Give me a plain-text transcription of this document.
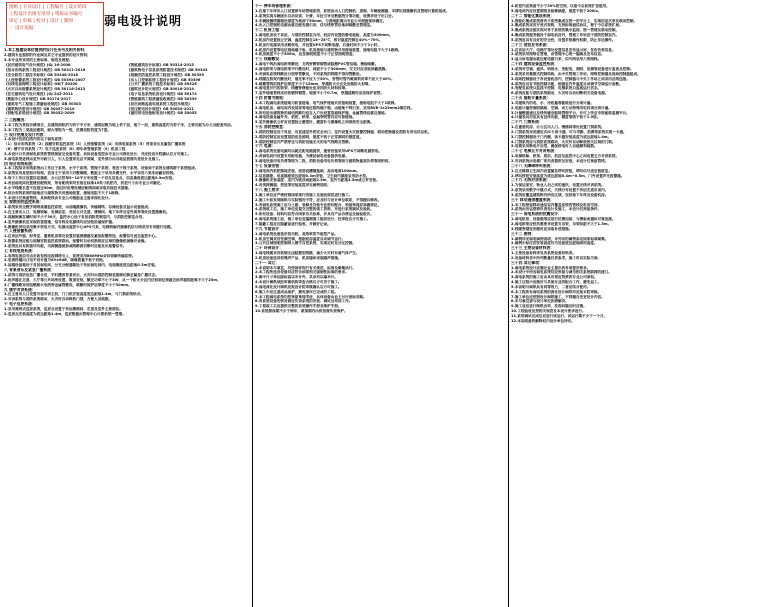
图纸 | 专业设计 | 工程编号 | 设计阶段
工程设计出图专用章 | 资质证书编号
审定 | 审核 | 校对 | 设计 | 制图
一 设计依据：
弱电设计说明
1.本工程建设单位提供的设计任务书及相关资料；
2.建筑专业提供的作业图及其它专业提供的设计资料；
3.本专业所采用的主要标准、规范及规程；
《民用建筑电气设计规范》JGJ 16-2008	《智能建筑设计标准》GB 50314-2015
《综合布线系统工程设计规范》GB 50311-2016	《建筑物电子信息系统防雷技术规范》GB 50343
《安全防范工程技术标准》GB 50348-2018	《视频安防监控系统工程设计规范》GB 50395
《入侵报警系统工程设计规范》GB 50394-2007	《出入口控制系统工程设计规范》GB 50396
《有线电视网络工程设计标准》GB/T 50200	《公共广播系统工程技术标准》GB 50526
《火灾自动报警系统设计规范》GB 50116-2013	《建筑设计防火规范》GB 50016-2014
《住宅建筑电气设计规范》JGJ 242-2011	《电子信息系统机房设计规范》GB 50174
《数据中心设计规范》GB 50174-2017	《智能建筑工程质量验收规范》GB 50339
《建筑电气工程施工质量验收规范》GB 50303	《民用闭路监视电视系统工程技术规范》
《建筑物防雷设计规范》GB 50057-2010	《低压配电设计规范》GB 50054-2011
《供配电系统设计规范》GB 50052-2009	《通用用电设备配电设计规范》GB 50055
二 工程概况：
1.本工程为某综合楼项目，总建筑面积约为若干平方米，建筑层数为地上若干层，地下一层，建筑高度约为若干米，主要功能为办公及配套用房。
2.本工程为二类高层建筑，耐火等级为一级，抗震设防烈度为7度。
三 设计范围及设计内容：
1.本设计包括红线内的以下弱电系统：
（1）综合布线系统（2）视频安防监控系统（3）入侵报警系统（4）有线电视系统（5）背景音乐及紧急广播系统
（6）楼宇对讲系统（7）电子巡更系统（8）停车场管理系统（9）机房工程
2.本设计只负责弱电系统的管线预留及设备布置，具体设备选型由专业公司深化设计，并应经设计院确认后方可施工。
3.弱电系统进线由室外市政引入，引入位置详见总平面图，室外部分由当地运营商负责设计及施工。
四 综合布线系统：
1.本工程综合布线系统由工作区子系统、水平子系统、管理子系统、垂直干线子系统、设备间子系统及建筑群子系统组成。
2.系统采用星型拓扑结构，语音主干采用大对数铜缆，数据主干采用多模光纤，水平采用六类非屏蔽双绞线。
3.每个工作区设置信息插座，办公区按每5~10平方米设置一个双孔信息点，信息插座底边距地0.3m安装。
4.各层弱电间设置楼层配线架，所有配线架均安装在标准19英寸机柜内，机柜尺寸由专业公司确定。
5.水平线缆长度不应超过90m，超过时应增设楼层配线间或采取其他技术措施。
6.综合布线系统的接地应与建筑物共用接地装置，接地电阻不大于1欧姆。
7.本设计仅预留管线，具体配线由专业公司根据业主需求深化设计。
五 视频安防监控系统：
1.系统采用全数字网络高清监控系统，由前端摄像机、传输网络、存储设备及显示设备组成。
2.在主要出入口、电梯轿厢、电梯前室、各层公共走道、楼梯间、地下车库及室外周界等处设置摄像机。
3.视频图像存储时间不小于30天，监控中心设于首层消防控制室内，与消防控制室合用。
4.室外摄像机应采取防雷措施，信号线及电源线均应加装浪涌保护器。
5.摄像机供电采用集中供电方式，电源由监控中心UPS引来，电梯轿厢内摄像机信号线采用专用随行电缆。
六 入侵报警系统：
1.在首层外窗、财务室、重要机房等处设置双鉴探测器及紧急报警按钮，报警信号送至监控中心。
2.报警系统应能与视频安防监控系统联动，报警时自动切换相应区域的摄像机图像并录像。
3.系统应具有防破坏功能，当探测器被拆或线路被切断时应能发出报警信号。
七 有线电视系统：
1.有线电视信号由市政有线电视网络引入，系统采用860MHz双向邻频传输系统。
2.电视终端出口电平设计值为69±6dB，图像质量不低于四级。
3.前端设备箱设于首层弱电间，分支分配器箱设于各层弱电间内，电视插座底边距地0.3m安装。
八 背景音乐及紧急广播系统：
1.系统与消防应急广播合用，平时播放背景音乐，火灾时由消防控制室强制切换至紧急广播状态。
2.扬声器在走道、大厅等公共场所设置，吸顶安装，额定功率不小于3W，从一个防火分区内任何部位到最近扬声器的距离不大于25m。
3.广播线路采用阻燃耐火电线穿金属管敷设，暗敷时保护层厚度不小于30mm。
九 楼宇对讲系统：
1.在主要出入口设置可视对讲主机，门口机安装高度底边距地1.4m，与门禁系统结合。
2.对讲系统与消防系统联动，火灾时自动释放门禁，方便人员疏散。
十 电子巡更系统：
1.采用离线式巡更系统，巡更点设置于各层楼梯间、走道及室外主要部位。
2.巡更点安装高度为底边距地1.4m，巡更数据由管理中心计算机统一管理。
十一 停车场管理系统：
1.在地下车库出入口设置停车场管理系统，系统由出入口控制机、道闸、车辆检测器、车牌识别摄像机及管理计算机组成。
2.系统实现车辆进出自动识别、计费、车位引导及数据统计等功能，收费亭设于出口处。
3.车辆检测线圈埋设深度为地面下50mm，与道闸距离由专业公司根据现场确定。
4.出入口控制机电源由就近配电箱引来，信号线穿管沿地面暗敷至管理室。
十二 机房工程：
1.弱电机房设于首层，与消防控制室合用，机房内设置防静电地板，高度为300mm。
2.机房内设置独立空调，温度控制在18~28℃，相对湿度控制在40%~70%。
3.机房内电源采用双路供电，并设置UPS不间断电源，后备时间不小于1小时。
4.机房内设置等电位接地端子板，机房接地与建筑物共用接地装置，接地电阻不大于1欧姆。
5.机房照度不小于500lx，应急照明照度不小于正常照明照度。
十三 线路敷设：
1.弱电干线沿弱电桥架敷设，支线穿镀锌钢管或阻燃PVC管沿墙、楼板暗敷。
2.弱电桥架与强电桥架平行敷设时，间距不小于300mm，交叉时应采取屏蔽措施。
3.各弱电系统线路应分别穿管敷设，不同系统的线缆不得同管敷设。
4.线缆在桥架内敷设时，填充率不应大于50%，穿管时管内截面利用率不应大于40%。
5.暗敷管线的保护层厚度不小于15mm，穿越防火分区处应做防火封堵。
6.弱电竖井内的桥架、线槽穿楼板处应采用防火材料封堵。
7.室外埋地管线采用热镀锌钢管，埋深不小于0.7m，穿越道路时应加保护套管。
十四 防雷与接地：
1.本工程弱电系统接地与防雷接地、电气保护接地共用接地装置，接地电阻不大于1欧姆。
2.弱电机房、弱电间内设局部等电位联结端子箱，由接地干线引来，采用BVR-1x25mm2铜芯线。
3.所有进出建筑物的弱电线路均应在入户处设置浪涌保护器，金属管线应就近接地。
4.弱电设备金属外壳、机柜、桥架、金属穿线管均应可靠接地。
5.室外摄像机立杆应设置独立避雷针，避雷针与摄像机之间保持安全距离。
十五 消防控制室：
1.消防控制室设于首层，有直通室外的安全出口，室内设置火灾报警控制器、联动控制器及消防专用电话总机。
2.消防控制室应设置消防应急照明，照度不低于正常照明的照度值。
3.消防控制室内严禁穿过与消防设施无关的电气线路及管路。
十六 电源：
1.弱电系统设备电源均由就近配电箱提供，重要设备采用UPS不间断电源供电。
2.各弱电间内设置专用配电箱，为楼层弱电设备提供电源。
3.弱电设备用电负荷等级为二级，消防设备用电负荷等级与建筑物最高负荷等级相同。
十七 设备安装：
1.弱电间内机柜落地安装，底部设槽钢基础，高出地面100mm。
2.信息插座、电视插座底边距地0.3m安装，卫生间内插座采用防水型。
3.摄像机安装高度：室内为吸顶或距地2.5m，室外为距地3.5m或立杆安装。
4.各类探测器、按钮等安装高度详见图例说明。
十八 施工要求：
1.施工单位应严格按照国家现行的施工及验收规范进行施工。
2.施工中如发现图纸与实际情况不符，应及时与设计单位联系，不得擅自修改。
3.各弱电系统施工应与土建、装修及其他专业密切配合，预留预埋应准确到位。
4.系统竣工后，施工单位应提交完整的竣工资料，并进行系统调试及验收。
5.所有设备、材料均应符合国家有关标准，并具有产品合格证及检验报告。
6.弱电系统施工前，施工单位应编制施工组织设计，经审批后方可施工。
7.隐蔽工程应在隐蔽前进行验收，并做好记录。
十九 节能设计：
1.弱电系统设备选用低功耗、高效率的节能型产品。
2.机房空调采用变频空调，根据机房温度自动调节运行。
3.公共区域照明控制纳入楼宇自控系统，实现定时及分区控制。
二十 环保设计：
1.弱电线缆采用低烟无卤阻燃型线缆，减少火灾时有毒气体产生。
2.机房设备选用低噪声产品，机房墙体采取隔声措施。
二十一 其它：
1.本说明未尽事宜，均按国家现行有关规范、标准及图集执行。
2.本工程所选用设备均应符合国家相关强制性标准的要求。
3.图中尺寸单位除标高以米计外，其余均以毫米计。
4.本设计图纸须经审图机构审查合格后方可用于施工。
5.弱电深化设计图纸应报设计院审核确认后方可施工。
6.施工中应注意成品保护，避免损坏已完成的工程。
7.本工程弱电系统均按预留预埋考虑，具体设备由业主另行招标采购。
8.各系统设备的供货商应负责系统的安装、调试及培训工作。
9.工程竣工后应提供完整的系统操作手册及维护手册。
10.系统质保期不少于两年，质保期内由供货商负责维护。
4.机柜内应预留不少于20%的空间，以备今后系统扩容使用。
5.弱电间内应设置照明及检修插座，照度不低于200lx。
二十二 智能化集成系统：
1.智能化集成系统将各子系统集成在统一的平台上，实现信息共享及联动控制。
2.集成系统采用开放式架构，支持标准通信协议，便于今后系统扩展。
3.集成系统应能实现对各子系统的集中监视、统一管理及联动控制。
4.集成系统服务器设于弱电机房内，管理工作站设于消防控制室内。
5.系统应具有良好的安全性，设置多级操作权限，防止非法操作。
二十三 信息发布系统：
1.在首层大厅、电梯厅等处设置信息发布显示屏，发布各类信息。
2.系统采用网络化管理，由管理中心统一编辑及发布信息。
3.显示屏电源由就近配电箱引来，信号线采用六类网线。
二十四 建筑设备监控系统：
1.系统对空调、通风、给排水、变配电、照明、电梯等设备进行监视及控制。
2.系统采用集散式控制结构，由中央管理工作站、网络控制器及现场控制器组成。
3.现场控制器设于各设备机房内，控制器与中央工作站之间采用总线连接。
4.系统应具有节能控制功能，根据室内外温度自动调节空调运行参数。
5.变配电系统只监视不控制，电梯系统只监视运行状态。
6.系统应能与消防系统联动，火灾时自动切断相关设备电源。
二十五 能耗计量系统：
1.对建筑内的电、水、冷热量等能耗进行分项计量。
2.电能计量按照明插座、空调、动力及特殊用电四项分别计量。
3.计量数据通过总线传输至能耗管理平台，并可上传至市级能耗监测平台。
4.计量表具均应具有远传功能，精度等级不低于1.0级。
二十六 门禁系统：
1.在重要机房、办公区出入口、楼梯间等处设置门禁系统。
2.门禁系统采用感应式IC卡读卡器，可与考勤、消费等系统实现一卡通。
3.门禁控制器设于门内侧，读卡器安装高度为底边距地1.4m。
4.门禁系统应与消防系统联动，火灾时自动释放相关区域的门锁。
5.电锁采用断电开启型，确保停电时人员能顺利疏散。
二十七 电梯五方对讲系统：
1.电梯轿厢、轿顶、底坑、机房及监控中心之间设置五方对讲系统。
2.对讲系统由电梯厂家负责提供及安装，本设计仅预留管线。
二十八 无障碍呼叫系统：
1.在无障碍卫生间内设置紧急呼叫按钮，呼叫信号送至值班室。
2.呼叫按钮安装高度为底边距地0.4m~0.5m，门外设置声光报警器。
二十九 无线对讲系统：
1.为保证保安、物业人员之间的通讯，设置无线对讲系统。
2.系统采用数字中继方式，天线分布设置于各层走道吊顶内。
3.系统应覆盖建筑物内所有区域，包括地下车库及设备机房。
三十 移动通信覆盖系统：
1.本工程预留移动通信室内覆盖系统的管线及机房空间。
2.系统由各运营商负责设计及施工，本设计仅预留条件。
三十一 弱电系统的抗震设计：
1.弱电机柜、设备箱等应进行抗震加固，与楼板或墙体可靠连接。
2.弱电桥架应按抗震要求设置支吊架，吊架间距不大于1.5m。
3.线缆穿越变形缝时应采取补偿措施。
三十二 图例：
1.图例详见弱电图例说明，未列出的图例参见国家标准图集。
2.图例中标注的安装高度均为设备底边距地面的高度。
三十三 主要设备材料表：
1.主要设备材料详见各系统设备材料表。
2.设备材料表中所列数量仅供参考，施工时以实际为准。
三十四 其它事项：
1.弱电系统设计应满足业主提出的各项使用要求。
2.本设计中所有弱电系统均应预留与城市相关系统联网的接口。
3.弱电系统的施工应由具有相应资质的专业公司承担。
4.施工过程中应做好与其他专业的配合工作，避免返工。
5.本说明与图纸具有同等效力，二者应结合使用。
6.本工程所有弱电系统的深化设计图纸均应报本院审核。
7.施工单位应按照设计图纸施工，不得擅自变更设计内容。
8.未尽事宜请与设计单位协商解决。
9.施工前应进行图纸会审，发现问题及时反馈。
10.工程验收应按相关规范及本设计要求进行。
11.系统调试完成后应进行试运行，试运行期不少于一个月。
12.本说明最终解释权归设计单位所有。
